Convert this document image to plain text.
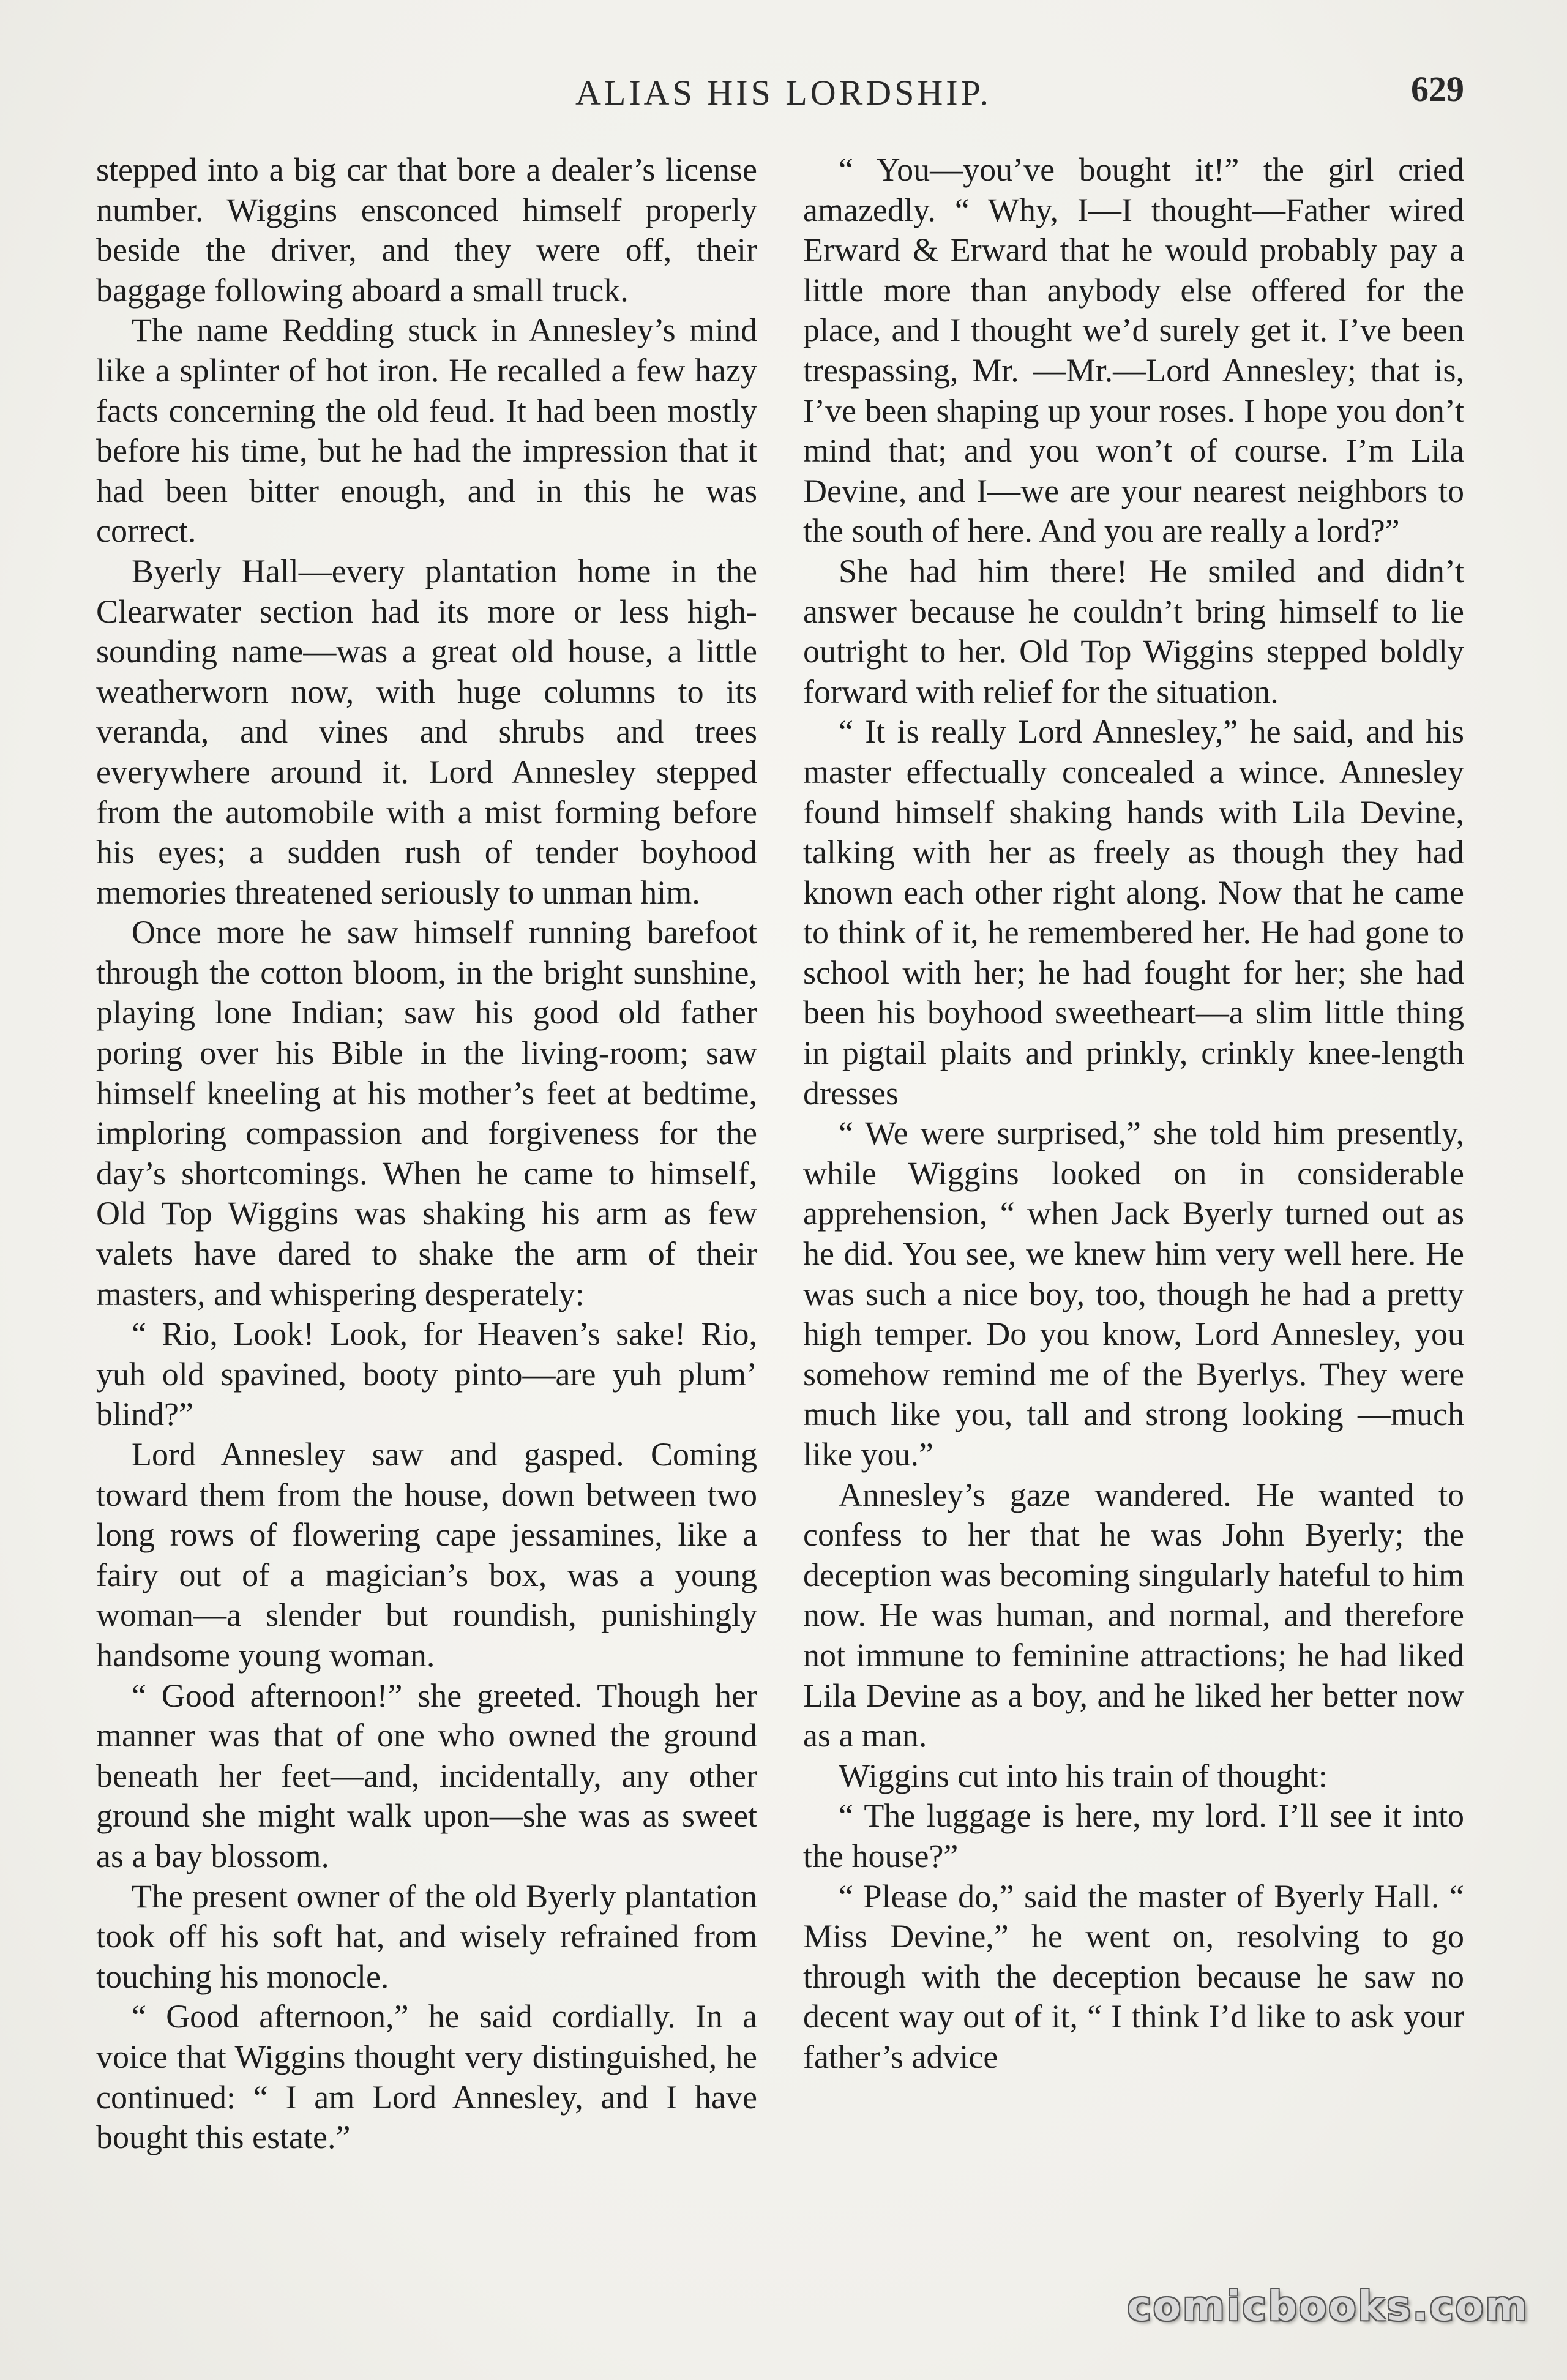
ALIAS HIS LORDSHIP.	629

stepped into a big car that bore a dealer’s license number. Wiggins ensconced himself properly beside the driver, and they were off, their baggage following aboard a small truck.

The name Redding stuck in Annesley’s mind like a splinter of hot iron. He recalled a few hazy facts concerning the old feud. It had been mostly before his time, but he had the impression that it had been bitter enough, and in this he was correct.

Byerly Hall—every plantation home in the Clearwater section had its more or less high-sounding name—was a great old house, a little weatherworn now, with huge columns to its veranda, and vines and shrubs and trees everywhere around it. Lord Annesley stepped from the automobile with a mist forming before his eyes; a sudden rush of tender boyhood memories threatened seriously to unman him.

Once more he saw himself running barefoot through the cotton bloom, in the bright sunshine, playing lone Indian; saw his good old father poring over his Bible in the living-room; saw himself kneeling at his mother’s feet at bedtime, imploring compassion and forgiveness for the day’s shortcomings. When he came to himself, Old Top Wiggins was shaking his arm as few valets have dared to shake the arm of their masters, and whispering desperately:

“ Rio, Look! Look, for Heaven’s sake! Rio, yuh old spavined, booty pinto—are yuh plum’ blind?”

Lord Annesley saw and gasped. Coming toward them from the house, down between two long rows of flowering cape jessamines, like a fairy out of a magician’s box, was a young woman—a slender but roundish, punishingly handsome young woman.

“ Good afternoon!” she greeted. Though her manner was that of one who owned the ground beneath her feet—and, incidentally, any other ground she might walk upon—she was as sweet as a bay blossom.

The present owner of the old Byerly plantation took off his soft hat, and wisely refrained from touching his monocle.

“ Good afternoon,” he said cordially. In a voice that Wiggins thought very distinguished, he continued: “ I am Lord Annesley, and I have bought this estate.”

“ You—you’ve bought it!” the girl cried amazedly. “ Why, I—I thought—Father wired Erward & Erward that he would probably pay a little more than anybody else offered for the place, and I thought we’d surely get it. I’ve been trespassing, Mr. —Mr.—Lord Annesley; that is, I’ve been shaping up your roses. I hope you don’t mind that; and you won’t of course. I’m Lila Devine, and I—we are your nearest neighbors to the south of here. And you are really a lord?”

She had him there! He smiled and didn’t answer because he couldn’t bring himself to lie outright to her. Old Top Wiggins stepped boldly forward with relief for the situation.

“ It is really Lord Annesley,” he said, and his master effectually concealed a wince. Annesley found himself shaking hands with Lila Devine, talking with her as freely as though they had known each other right along. Now that he came to think of it, he remembered her. He had gone to school with her; he had fought for her; she had been his boyhood sweetheart—a slim little thing in pigtail plaits and prinkly, crinkly knee-length dresses

“ We were surprised,” she told him presently, while Wiggins looked on in considerable apprehension, “ when Jack Byerly turned out as he did. You see, we knew him very well here. He was such a nice boy, too, though he had a pretty high temper. Do you know, Lord Annesley, you somehow remind me of the Byerlys. They were much like you, tall and strong looking —much like you.”

Annesley’s gaze wandered. He wanted to confess to her that he was John Byerly; the deception was becoming singularly hateful to him now. He was human, and normal, and therefore not immune to feminine attractions; he had liked Lila Devine as a boy, and he liked her better now as a man.

Wiggins cut into his train of thought:

“ The luggage is here, my lord. I’ll see it into the house?”

“ Please do,” said the master of Byerly Hall. “ Miss Devine,” he went on, resolving to go through with the deception because he saw no decent way out of it, “ I think I’d like to ask your father’s advice

comicbooks.com
